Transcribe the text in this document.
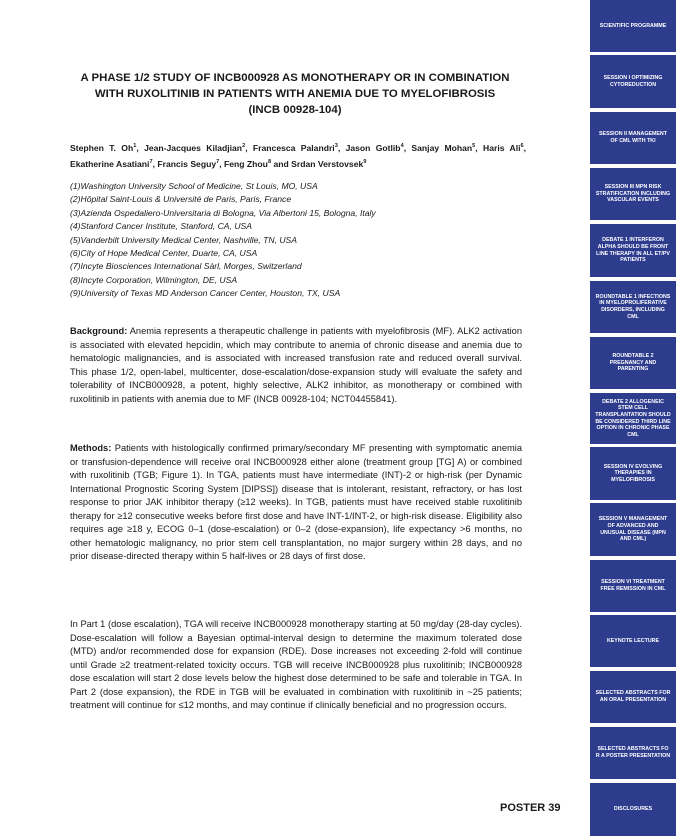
A PHASE 1/2 STUDY OF INCB000928 AS MONOTHERAPY OR IN COMBINATION
WITH RUXOLITINIB IN PATIENTS WITH ANEMIA DUE TO MYELOFIBROSIS
(INCB 00928-104)
Stephen T. Oh$^1$, Jean-Jacques Kiladjian$^2$, Francesca Palandri$^3$, Jason Gotlib$^4$, Sanjay Mohan$^5$, Haris Ali$^6$, Ekatherine Asatiani$^7$, Francis Seguy$^7$, Feng Zhou$^8$ and Srdan Verstovsek$^9$
(1)Washington University School of Medicine, St Louis, MO, USA
(2)Hôpital Saint-Louis & Université de Paris, Paris, France
(3)Azienda Ospedaliero-Universitaria di Bologna, Via Albertoni 15, Bologna, Italy
(4)Stanford Cancer Institute, Stanford, CA, USA
(5)Vanderbilt University Medical Center, Nashville, TN, USA
(6)City of Hope Medical Center, Duarte, CA, USA
(7)Incyte Biosciences International Sàrl, Morges, Switzerland
(8)Incyte Corporation, Wilmington, DE, USA
(9)University of Texas MD Anderson Cancer Center, Houston, TX, USA
Background: Anemia represents a therapeutic challenge in patients with myelofibrosis (MF). ALK2 activation is associated with elevated hepcidin, which may contribute to anemia of chronic disease and anemia due to hematologic malignancies, and is associated with increased transfusion rate and reduced overall survival. This phase 1/2, open-label, multicenter, dose-escalation/dose-expansion study will evaluate the safety and tolerability of INCB000928, a potent, highly selective, ALK2 inhibitor, as monotherapy or combined with ruxolitinib in patients with anemia due to MF (INCB 00928-104; NCT04455841).
Methods: Patients with histologically confirmed primary/secondary MF presenting with symptomatic anemia or transfusion-dependence will receive oral INCB000928 either alone (treatment group [TG] A) or combined with ruxolitinib (TGB; Figure 1). In TGA, patients must have intermediate (INT)-2 or high-risk (per Dynamic International Prognostic Scoring System [DIPSS]) disease that is intolerant, resistant, refractory, or has lost response to prior JAK inhibitor therapy (≥12 weeks). In TGB, patients must have received stable ruxolitinib therapy for ≥12 consecutive weeks before first dose and have INT-1/INT-2, or high-risk disease. Eligibility also requires age ≥18 y, ECOG 0–1 (dose-escalation) or 0–2 (dose-expansion), life expectancy >6 months, no other hematologic malignancy, no prior stem cell transplantation, no major surgery within 28 days, and no prior disease-directed therapy within 5 half-lives or 28 days of first dose.
In Part 1 (dose escalation), TGA will receive INCB000928 monotherapy starting at 50 mg/day (28-day cycles). Dose-escalation will follow a Bayesian optimal-interval design to determine the maximum tolerated dose (MTD) and/or recommended dose for expansion (RDE). Dose increases not exceeding 2-fold will continue until Grade ≥2 treatment-related toxicity occurs. TGB will receive INCB000928 plus ruxolitinib; INCB000928 dose escalation will start 2 dose levels below the highest dose determined to be safe and tolerable in TGA. In Part 2 (dose expansion), the RDE in TGB will be evaluated in combination with ruxolitinib in ~25 patients; treatment will continue for ≤12 months, and may continue if clinically beneficial and no progression occurs.
POSTER 39
SCIENTIFIC PROGRAMME
SESSION I OPTIMIZING CYTOREDUCTION
SESSION II MANAGEMENT OF CML WITH TKI
SESSION III MPN RISK STRATIFICATION INCLUDING VASCULAR EVENTS
DEBATE 1 INTERFERON ALPHA SHOULD BE FRONT LINE THERAPY IN ALL ET/PV PATIENTS
ROUNDTABLE 1 INFECTIONS IN MYELOPROLIFERATIVE DISORDERS, INCLUDING CML
ROUNDTABLE 2 PREGNANCY AND PARENTING
DEBATE 2 ALLOGENEIC STEM CELL TRANSPLANTATION SHOULD BE CONSIDERED THIRD LINE OPTION IN CHRONIC PHASE CML
SESSION IV EVOLVING THERAPIES IN MYELOFIBROSIS
SESSION V MANAGEMENT OF ADVANCED AND UNUSUAL DISEASE (MPN AND CML)
SESSION VI TREATMENT FREE REMISSION IN CML
KEYNOTE LECTURE
SELECTED ABSTRACTS FOR AN ORAL PRESENTATION
SELECTED ABSTRACTS FO R A POSTER PRESENTATION
DISCLOSURES
